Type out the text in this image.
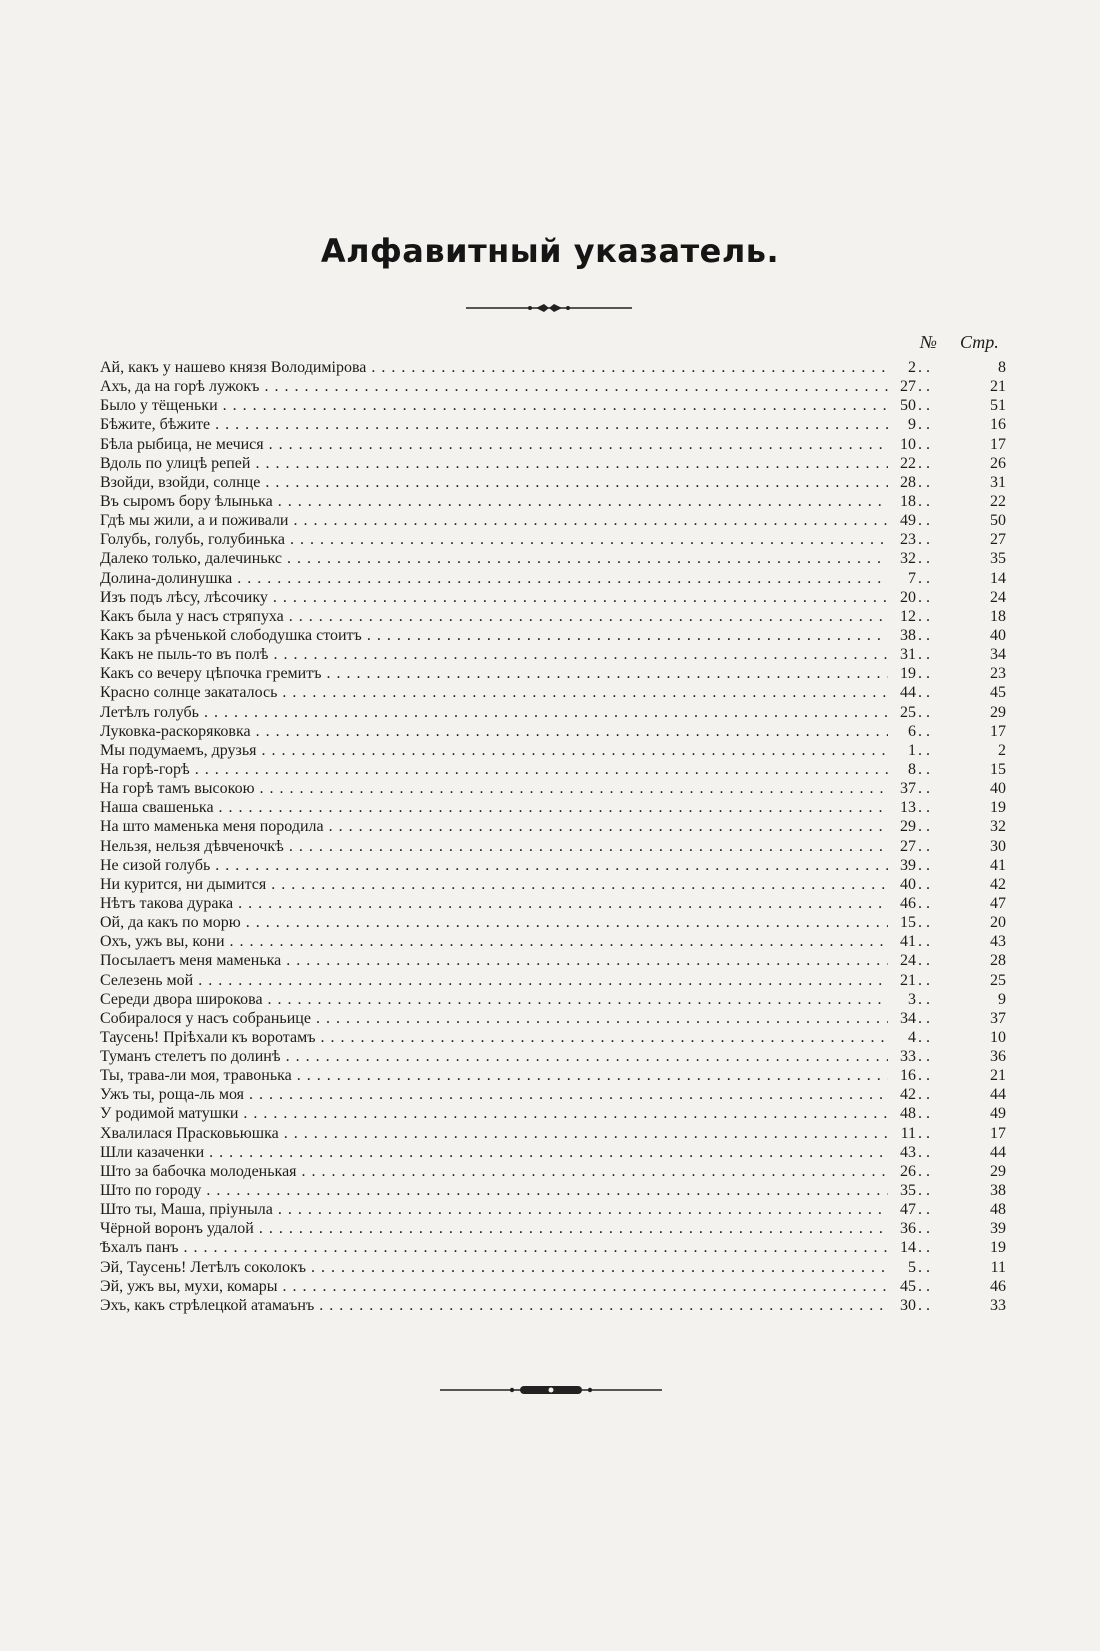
Алфавитный указатель.
№ Стр.
Ай, какъ у нашево князя Володимірова . . .	2 . .	8
Ахъ, да на горѣ лужокъ . . .	27 . .	21
Было у тёщеньки . . .	50 . .	51
Бѣжите, бѣжите . . .	9 . .	16
Бѣла рыбица, не мечися . . .	10 . .	17
Вдоль по улицѣ репей . . .	22 . .	26
Взойди, взойди, солнце . . .	28 . .	31
Въ сыромъ бору ѣлынька . . .	18 . .	22
Гдѣ мы жили, а и поживали . . .	49 . .	50
Голубь, голубь, голубинька . . .	23 . .	27
Далеко только, далечинькс . . .	32 . .	35
Долина-долинушка . . .	7 . .	14
Изъ подъ лѣсу, лѣсочику . . .	20 . .	24
Какъ была у насъ стряпуха . . .	12 . .	18
Какъ за рѣченькой слободушка стоитъ . . .	38 . .	40
Какъ не пыль-то въ полѣ . . .	31 . .	34
Какъ со вечеру цѣпочка гремитъ . . .	19 . .	23
Красно солнце закаталось . . .	44 . .	45
Летѣлъ голубь . . .	25 . .	29
Луковка-раскоряковка . . .	6 . .	17
Мы подумаемъ, друзья . . .	1 . .	2
На горѣ-горѣ . . .	8 . .	15
На горѣ тамъ высокою . . .	37 . .	40
Наша свашенька . . .	13 . .	19
На што маменька меня породила . . .	29 . .	32
Нельзя, нельзя дѣвченочкѣ . . .	27 . .	30
Не сизой голубь . . .	39 . .	41
Ни курится, ни дымится . . .	40 . .	42
Нѣтъ такова дурака . . .	46 . .	47
Ой, да какъ по морю . . .	15 . .	20
Охъ, ужъ вы, кони . . .	41 . .	43
Посылаетъ меня маменька . . .	24 . .	28
Селезень мой . . .	21 . .	25
Середи двора широкова . . .	3 . .	9
Собиралося у насъ собраньице . . .	34 . .	37
Таусень! Пріѣхали къ воротамъ . . .	4 . .	10
Туманъ стелетъ по долинѣ . . .	33 . .	36
Ты, трава-ли моя, травонька . . .	16 . .	21
Ужъ ты, роща-ль моя . . .	42 . .	44
У родимой матушки . . .	48 . .	49
Хвалилася Прасковьюшка . . .	11 . .	17
Шли казаченки . . .	43 . .	44
Што за бабочка молоденькая . . .	26 . .	29
Што по городу . . .	35 . .	38
Што ты, Маша, пріуныла . . .	47 . .	48
Чёрной воронъ удалой . . .	36 . .	39
Ѣхалъ панъ . . .	14 . .	19
Эй, Таусень! Летѣлъ соколокъ . . .	5 . .	11
Эй, ужъ вы, мухи, комары . . .	45 . .	46
Эхъ, какъ стрѣлецкой атамаънъ . . .	30 . .	33
